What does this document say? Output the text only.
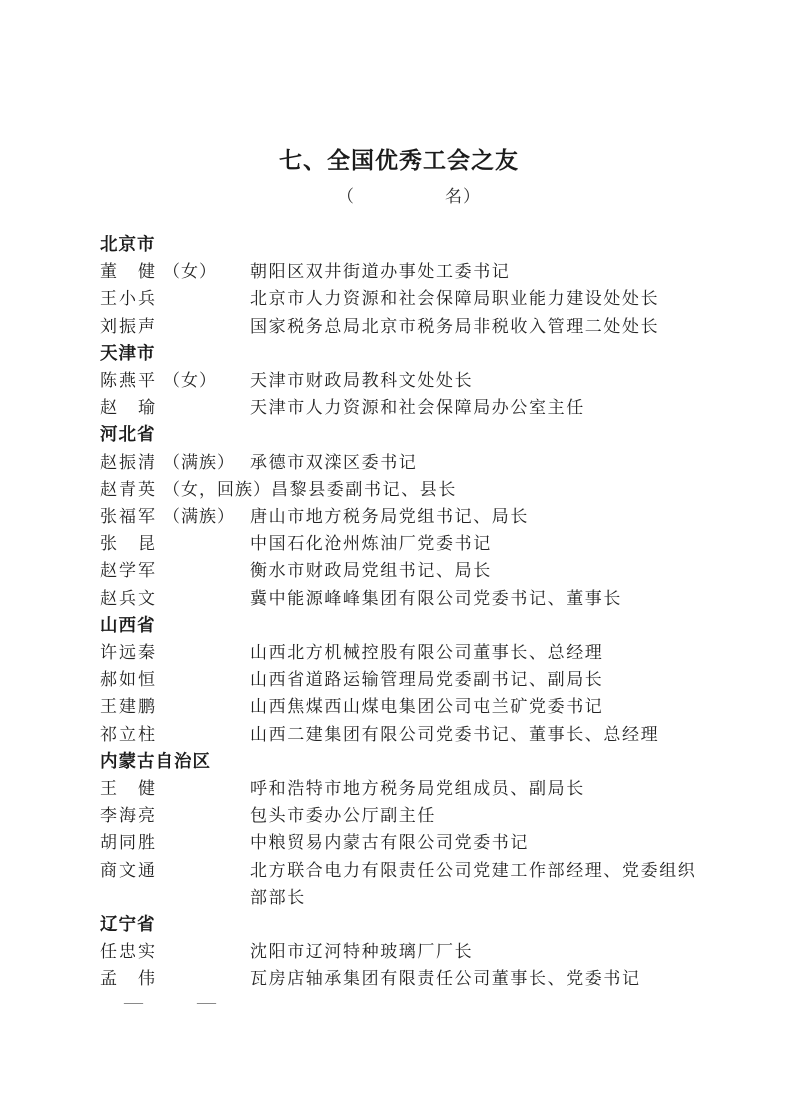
七、全国优秀工会之友
（　　　　　名）
北京市
董　健 （女）	朝阳区双井街道办事处工委书记
王小兵	北京市人力资源和社会保障局职业能力建设处处长
刘振声	国家税务总局北京市税务局非税收入管理二处处长
天津市
陈燕平 （女）	天津市财政局教科文处处长
赵　瑜	天津市人力资源和社会保障局办公室主任
河北省
赵振清 （满族） 承德市双滦区委书记
赵青英 （女，回族） 昌黎县委副书记、县长
张福军 （满族） 唐山市地方税务局党组书记、局长
张　昆	中国石化沧州炼油厂党委书记
赵学军	衡水市财政局党组书记、局长
赵兵文	冀中能源峰峰集团有限公司党委书记、董事长
山西省
许远秦	山西北方机械控股有限公司董事长、总经理
郝如恒	山西省道路运输管理局党委副书记、副局长
王建鹏	山西焦煤西山煤电集团公司屯兰矿党委书记
祁立柱	山西二建集团有限公司党委书记、董事长、总经理
内蒙古自治区
王　健	呼和浩特市地方税务局党组成员、副局长
李海亮	包头市委办公厅副主任
胡同胜	中粮贸易内蒙古有限公司党委书记
商文通	北方联合电力有限责任公司党建工作部经理、党委组织部部长
辽宁省
任忠实	沈阳市辽河特种玻璃厂厂长
孟　伟	瓦房店轴承集团有限责任公司董事长、党委书记
—	—
